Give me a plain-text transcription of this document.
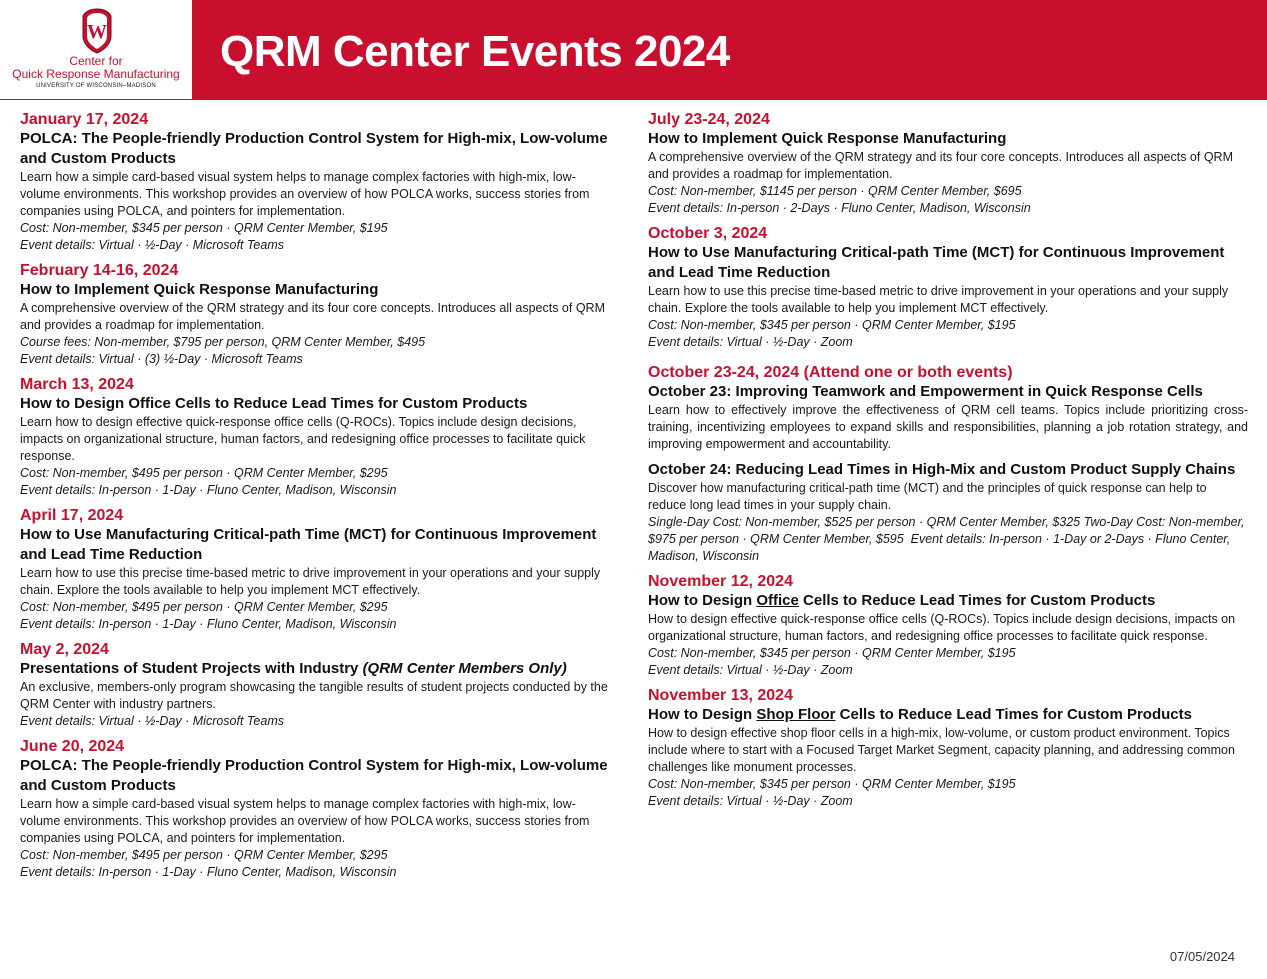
W
Center for
Quick Response Manufacturing
UNIVERSITY OF WISCONSIN–MADISON
QRM Center Events 2024
January 17, 2024
POLCA: The People-friendly Production Control System for High-mix, Low-volume and Custom Products
Learn how a simple card-based visual system helps to manage complex factories with high-mix, low-volume environments. This workshop provides an overview of how POLCA works, success stories from companies using POLCA, and pointers for implementation.
Cost: Non-member, $345 per person · QRM Center Member, $195
Event details: Virtual · ½-Day · Microsoft Teams
February 14-16, 2024
How to Implement Quick Response Manufacturing
A comprehensive overview of the QRM strategy and its four core concepts. Introduces all aspects of QRM and provides a roadmap for implementation.
Course fees: Non-member, $795 per person, QRM Center Member, $495
Event details: Virtual · (3) ½-Day · Microsoft Teams
March 13, 2024
How to Design Office Cells to Reduce Lead Times for Custom Products
Learn how to design effective quick-response office cells (Q-ROCs). Topics include design decisions, impacts on organizational structure, human factors, and redesigning office processes to facilitate quick response.
Cost: Non-member, $495 per person · QRM Center Member, $295
Event details: In-person · 1-Day · Fluno Center, Madison, Wisconsin
April 17, 2024
How to Use Manufacturing Critical-path Time (MCT) for Continuous Improvement and Lead Time Reduction
Learn how to use this precise time-based metric to drive improvement in your operations and your supply chain. Explore the tools available to help you implement MCT effectively.
Cost: Non-member, $495 per person · QRM Center Member, $295
Event details: In-person · 1-Day · Fluno Center, Madison, Wisconsin
May 2, 2024
Presentations of Student Projects with Industry (QRM Center Members Only)
An exclusive, members-only program showcasing the tangible results of student projects conducted by the QRM Center with industry partners.
Event details: Virtual · ½-Day · Microsoft Teams
June 20, 2024
POLCA: The People-friendly Production Control System for High-mix, Low-volume and Custom Products
Learn how a simple card-based visual system helps to manage complex factories with high-mix, low-volume environments. This workshop provides an overview of how POLCA works, success stories from companies using POLCA, and pointers for implementation.
Cost: Non-member, $495 per person · QRM Center Member, $295
Event details: In-person · 1-Day · Fluno Center, Madison, Wisconsin
July 23-24, 2024
How to Implement Quick Response Manufacturing
A comprehensive overview of the QRM strategy and its four core concepts. Introduces all aspects of QRM and provides a roadmap for implementation.
Cost: Non-member, $1145 per person · QRM Center Member, $695
Event details: In-person · 2-Days · Fluno Center, Madison, Wisconsin
October 3, 2024
How to Use Manufacturing Critical-path Time (MCT) for Continuous Improvement and Lead Time Reduction
Learn how to use this precise time-based metric to drive improvement in your operations and your supply chain. Explore the tools available to help you implement MCT effectively.
Cost: Non-member, $345 per person · QRM Center Member, $195
Event details: Virtual · ½-Day · Zoom
October 23-24, 2024 (Attend one or both events)
October 23: Improving Teamwork and Empowerment in Quick Response Cells
Learn how to effectively improve the effectiveness of QRM cell teams. Topics include prioritizing cross-training, incentivizing employees to expand skills and responsibilities, planning a job rotation strategy, and improving empowerment and accountability.
October 24: Reducing Lead Times in High-Mix and Custom Product Supply Chains
Discover how manufacturing critical-path time (MCT) and the principles of quick response can help to reduce long lead times in your supply chain.
Single-Day Cost: Non-member, $525 per person · QRM Center Member, $325 Two-Day Cost: Non-member, $975 per person · QRM Center Member, $595 Event details: In-person · 1-Day or 2-Days · Fluno Center, Madison, Wisconsin
November 12, 2024
How to Design Office Cells to Reduce Lead Times for Custom Products
How to design effective quick-response office cells (Q-ROCs). Topics include design decisions, impacts on organizational structure, human factors, and redesigning office processes to facilitate quick response.
Cost: Non-member, $345 per person · QRM Center Member, $195
Event details: Virtual · ½-Day · Zoom
November 13, 2024
How to Design Shop Floor Cells to Reduce Lead Times for Custom Products
How to design effective shop floor cells in a high-mix, low-volume, or custom product environment. Topics include where to start with a Focused Target Market Segment, capacity planning, and addressing common challenges like monument processes.
Cost: Non-member, $345 per person · QRM Center Member, $195
Event details: Virtual · ½-Day · Zoom
07/05/2024
